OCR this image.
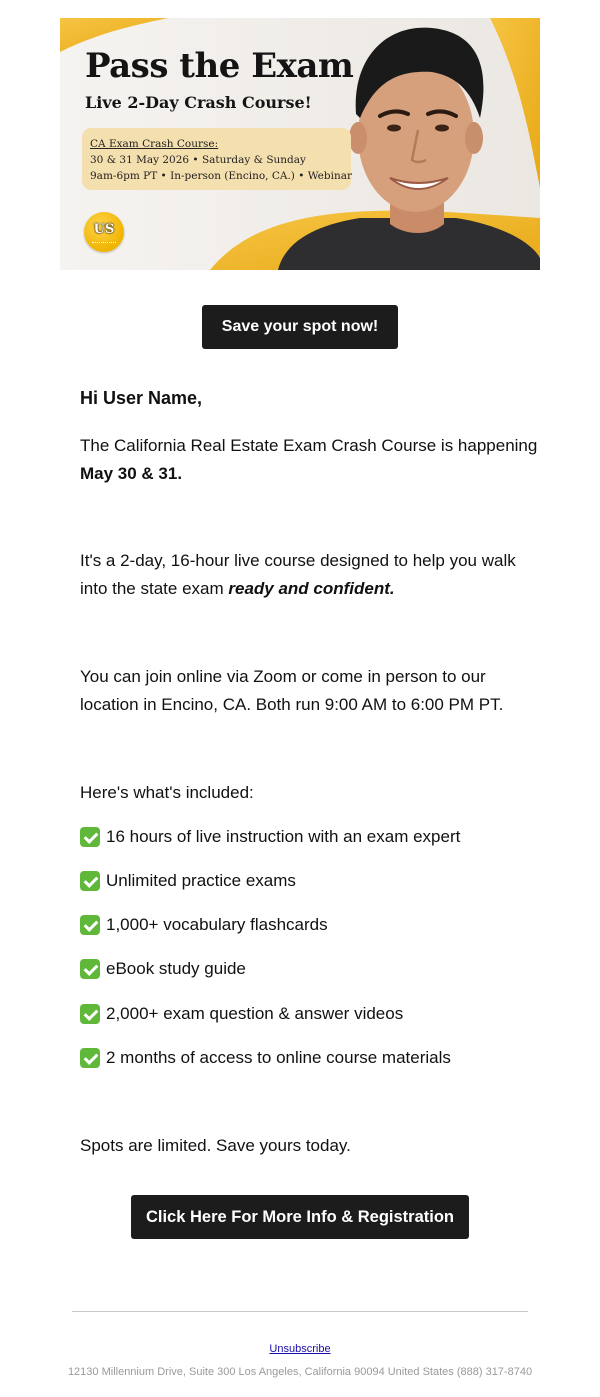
Pass the Exam
Live 2-Day Crash Course!
CA Exam Crash Course:
30 & 31 May 2026 • Saturday & Sunday
9am-6pm PT • In-person (Encino, CA.) • Webinar
US
Save your spot now!

Hi User Name,

The California Real Estate Exam Crash Course is happening May 30 & 31.

It's a 2-day, 16-hour live course designed to help you walk into the state exam ready and confident.

You can join online via Zoom or come in person to our location in Encino, CA. Both run 9:00 AM to 6:00 PM PT.

Here's what's included:

16 hours of live instruction with an exam expert
Unlimited practice exams
1,000+ vocabulary flashcards
eBook study guide
2,000+ exam question & answer videos
2 months of access to online course materials

Spots are limited. Save yours today.

Click Here For More Info & Registration
Unsubscribe
12130 Millennium Drive, Suite 300 Los Angeles, California 90094 United States (888) 317-8740
